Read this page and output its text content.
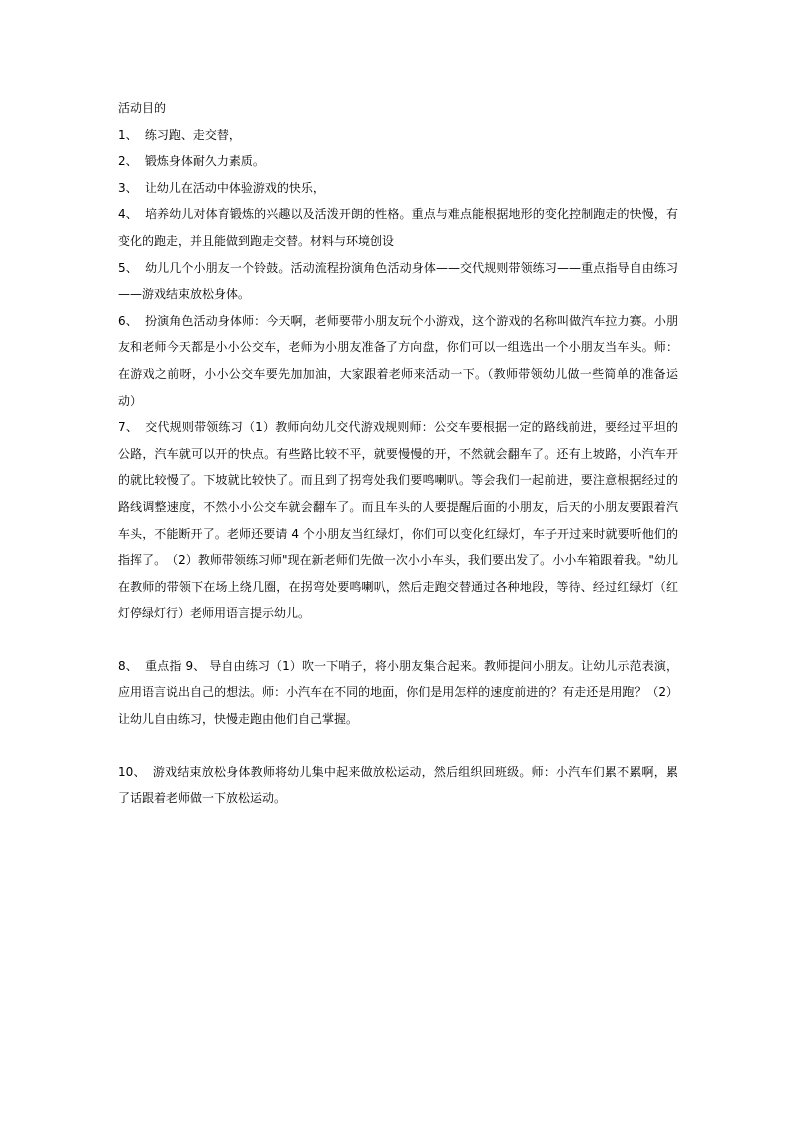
活动目的

1、 练习跑、走交替，

2、 锻炼身体耐久力素质。

3、 让幼儿在活动中体验游戏的快乐，

4、 培养幼儿对体育锻炼的兴趣以及活泼开朗的性格。重点与难点能根据地形的变化控制跑走的快慢，有变化的跑走，并且能做到跑走交替。材料与环境创设

5、 幼儿几个小朋友一个铃鼓。活动流程扮演角色活动身体——交代规则带领练习——重点指导自由练习——游戏结束放松身体。

6、 扮演角色活动身体师：今天啊，老师要带小朋友玩个小游戏，这个游戏的名称叫做汽车拉力赛。小朋友和老师今天都是小小公交车，老师为小朋友准备了方向盘，你们可以一组选出一个小朋友当车头。师：在游戏之前呀，小小公交车要先加加油，大家跟着老师来活动一下。（教师带领幼儿做一些简单的准备运动）

7、 交代规则带领练习（1）教师向幼儿交代游戏规则师：公交车要根据一定的路线前进，要经过平坦的公路，汽车就可以开的快点。有些路比较不平，就要慢慢的开，不然就会翻车了。还有上坡路，小汽车开的就比较慢了。下坡就比较快了。而且到了拐弯处我们要鸣喇叭。等会我们一起前进，要注意根据经过的路线调整速度，不然小小公交车就会翻车了。而且车头的人要提醒后面的小朋友，后天的小朋友要跟着汽车头，不能断开了。老师还要请 4 个小朋友当红绿灯，你们可以变化红绿灯，车子开过来时就要听他们的指挥了。　（2）教师带领练习师"现在新老师们先做一次小小车头，我们要出发了。小小车箱跟着我。"幼儿在教师的带领下在场上绕几圈，在拐弯处要鸣喇叭，然后走跑交替通过各种地段，等待、经过红绿灯（红灯停绿灯行）老师用语言提示幼儿。

8、 重点指 9、 导自由练习（1）吹一下哨子，将小朋友集合起来。教师提问小朋友。让幼儿示范表演，应用语言说出自己的想法。师：小汽车在不同的地面，你们是用怎样的速度前进的？有走还是用跑？（2）让幼儿自由练习，快慢走跑由他们自己掌握。

10、 游戏结束放松身体教师将幼儿集中起来做放松运动，然后组织回班级。师：小汽车们累不累啊，累了话跟着老师做一下放松运动。
